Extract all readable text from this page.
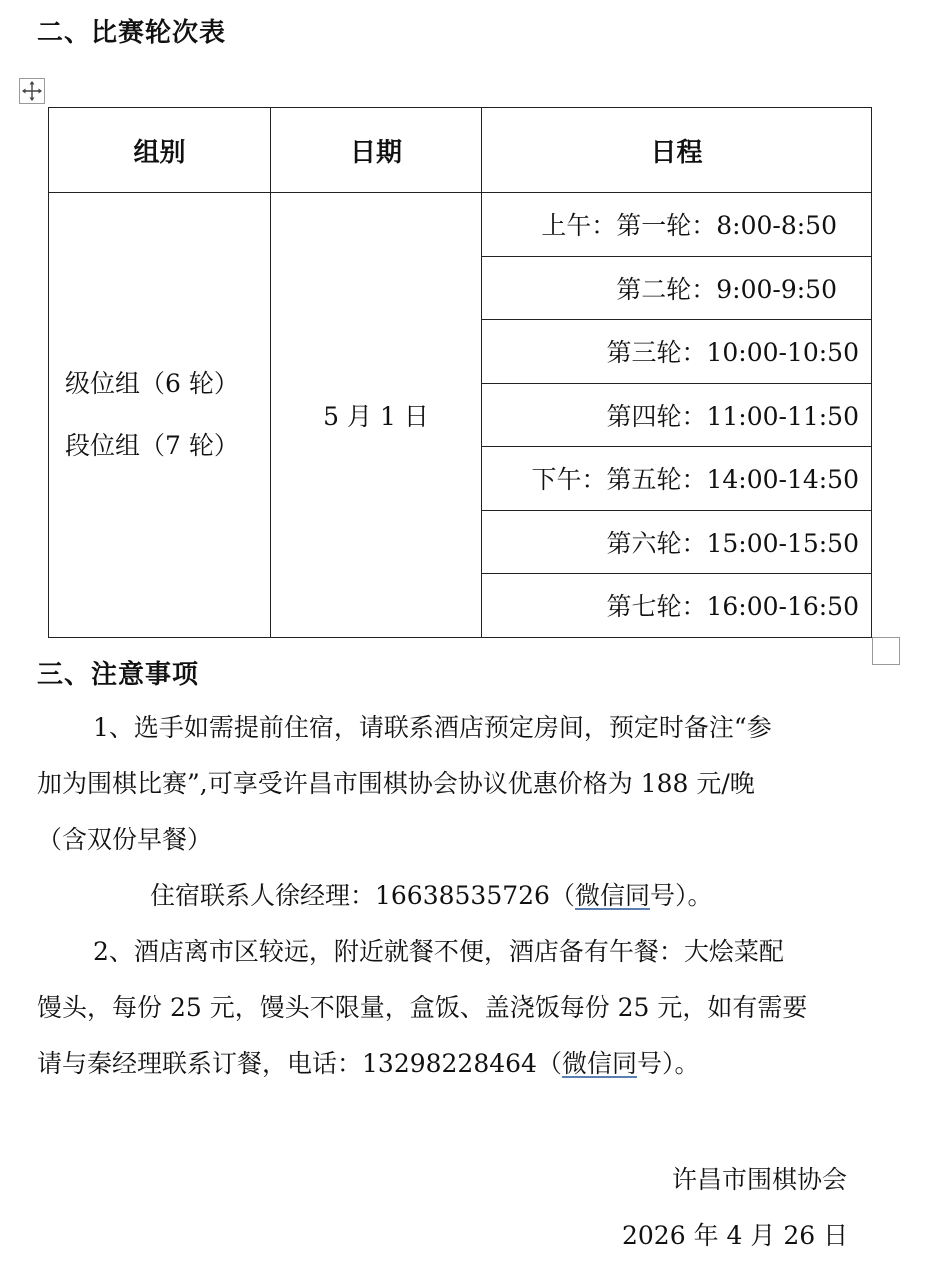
二、比赛轮次表
组别	日期	日程

级位组（6 轮）
段位组（7 轮）	5 月 1 日	上午：第一轮：8:00-8:50
		第二轮：9:00-9:50
		第三轮：10:00-10:50
		第四轮：11:00-11:50
		下午：第五轮：14:00-14:50
		第六轮：15:00-15:50
		第七轮：16:00-16:50
三、注意事项
1、选手如需提前住宿，请联系酒店预定房间，预定时备注“参
加为围棋比赛”,可享受许昌市围棋协会协议优惠价格为 188 元/晚
（含双份早餐）
住宿联系人徐经理：16638535726（微信同号）。
2、酒店离市区较远，附近就餐不便，酒店备有午餐：大烩菜配
馒头，每份 25 元，馒头不限量，盒饭、盖浇饭每份 25 元，如有需要
请与秦经理联系订餐，电话：13298228464（微信同号）。
许昌市围棋协会
2026 年 4 月 26 日
